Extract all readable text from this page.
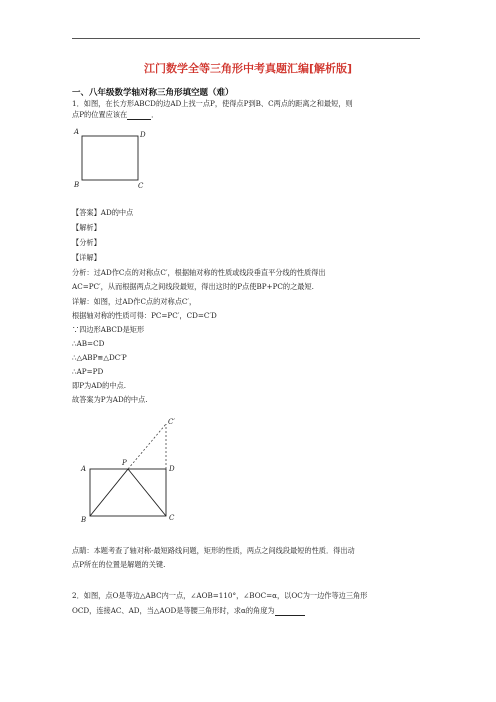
江门数学全等三角形中考真题汇编[解析版]
一、八年级数学轴对称三角形填空题（难）
1．如图，在长方形ABCD的边AD上找一点P，使得点P到B、C两点的距离之和最短，则
点P的位置应该在	．
A	D
B	C
【答案】AD的中点
【解析】
【分析】
【详解】
分析：过AD作C点的对称点C′，根据轴对称的性质或线段垂直平分线的性质得出
AC=PC′，从而根据两点之间线段最短，得出这时的P点使BP+PC的之最短.
详解：如图，过AD作C点的对称点C′，
根据轴对称的性质可得：PC=PC′，CD=C′D
∵四边形ABCD是矩形
∴AB=CD
∴△ABP≌△DC′P
∴AP=PD
即P为AD的中点.
故答案为P为AD的中点.
C′
P
A	D
B	C
点睛：本题考查了轴对称-最短路线问题，矩形的性质，两点之间线段最短的性质．得出动
点P所在的位置是解题的关键.
2．如图，点O是等边△ABC内一点，∠AOB=110°，∠BOC=α，以OC为一边作等边三角形
OCD，连接AC、AD，当△AOD是等腰三角形时，求α的角度为
